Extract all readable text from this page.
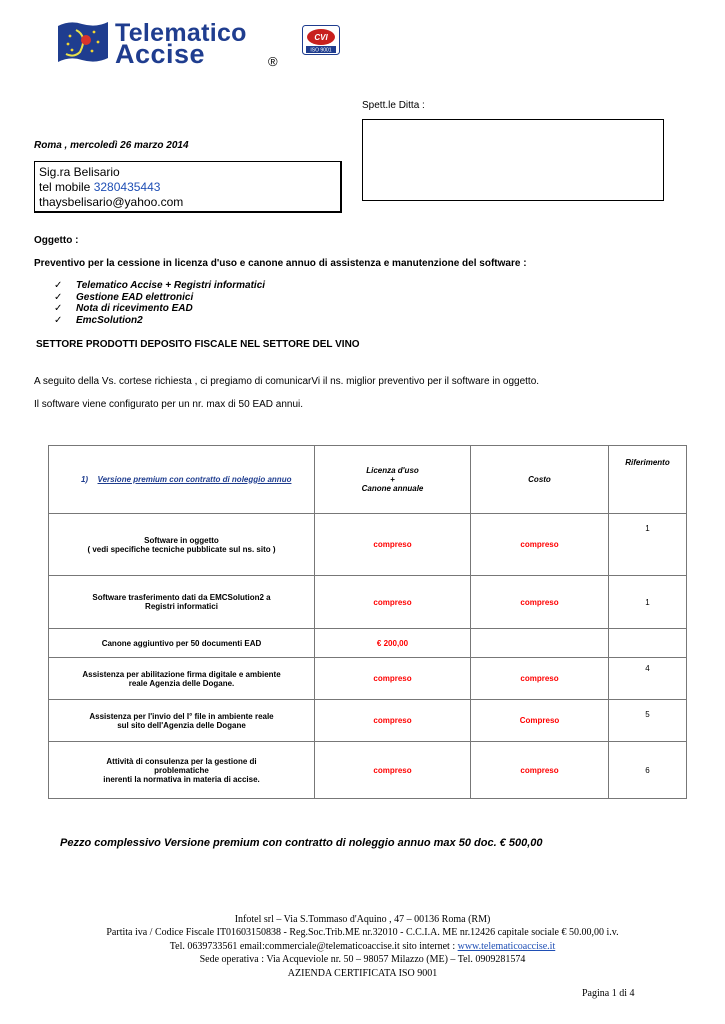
Telematico
Accise	®
CVI
ISO 9001
Spett.le Ditta :
Roma , mercoledì 26 marzo 2014
Sig.ra Belisario
tel mobile 3280435443
thaysbelisario@yahoo.com
Oggetto :
Preventivo per la cessione in licenza d'uso e canone annuo di assistenza e manutenzione del software :
✓ Telematico Accise + Registri informatici
✓ Gestione EAD elettronici
✓ Nota di ricevimento EAD
✓ EmcSolution2
SETTORE PRODOTTI DEPOSITO FISCALE NEL SETTORE DEL VINO
A seguito della Vs. cortese richiesta , ci pregiamo di comunicarVi il ns. miglior preventivo per il software in oggetto.
Il software viene configurato per un nr. max di 50 EAD annui.
1) Versione premium con contratto di noleggio annuo	Licenza d'uso
+
Canone annuale	Costo	Riferimento

Software in oggetto
( vedi specifiche tecniche pubblicate sul ns. sito )	compreso	compreso	1

Software trasferimento dati da EMCSolution2 a
Registri informatici	compreso	compreso	1
Canone aggiuntivo per 50 documenti EAD	€ 200,00		

Assistenza per abilitazione firma digitale e ambiente
reale Agenzia delle Dogane.	compreso	compreso	4

Assistenza per l'invio del I° file in ambiente reale
sul sito dell'Agenzia delle Dogane	compreso	Compreso	5

Attività di consulenza per la gestione di
problematiche
inerenti la normativa in materia di accise.	compreso	compreso	6
Pezzo complessivo Versione premium con contratto di noleggio annuo max 50 doc. € 500,00
Infotel srl – Via S.Tommaso d'Aquino , 47 – 00136 Roma (RM)
Partita iva / Codice Fiscale IT01603150838 - Reg.Soc.Trib.ME nr.32010 - C.C.I.A. ME nr.12426 capitale sociale € 50.00,00 i.v.
Tel. 0639733561 email:commerciale@telematicoaccise.it sito internet : www.telematicoaccise.it
Sede operativa : Via Acqueviole nr. 50 – 98057 Milazzo (ME) – Tel. 0909281574
AZIENDA CERTIFICATA ISO 9001
Pagina 1 di 4
